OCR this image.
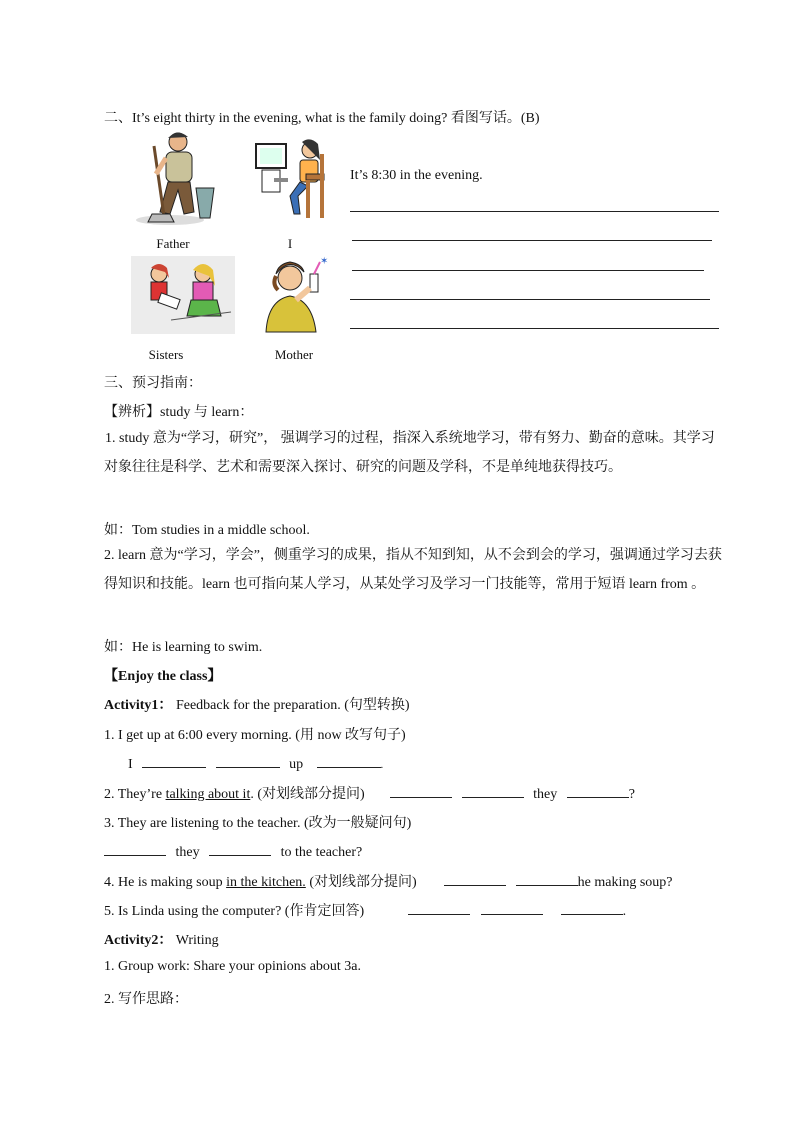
二、It’s eight thirty in the evening, what is the family doing? 看图写话。(B)
Father	I
Sisters
✶
Mother
It’s 8:30 in the evening.
三、预习指南：
【辨析】study 与 learn：
1. study 意为“学习，研究”， 强调学习的过程，指深入系统地学习，带有努力、勤奋的意味。其学习对象往往是科学、艺术和需要深入探讨、研究的问题及学科，不是单纯地获得技巧。
如：Tom studies in a middle school.
2. learn 意为“学习，学会”，侧重学习的成果，指从不知到知，从不会到会的学习，强调通过学习去获得知识和技能。learn 也可指向某人学习，从某处学习及学习一门技能等，常用于短语 learn from 。
如：He is learning to swim.
【Enjoy the class】
Activity1： Feedback for the preparation. (句型转换)
1. I get up at 6:00 every morning. (用 now 改写句子)
I	up	.
2. They’re talking about it. (对划线部分提问)	they	?
3. They are listening to the teacher. (改为一般疑问句)
they	to the teacher?
4. He is making soup in the kitchen. (对划线部分提问)	he making soup?
5. Is Linda using the computer? (作肯定回答)	.
Activity2： Writing
1. Group work: Share your opinions about 3a.
2. 写作思路：
